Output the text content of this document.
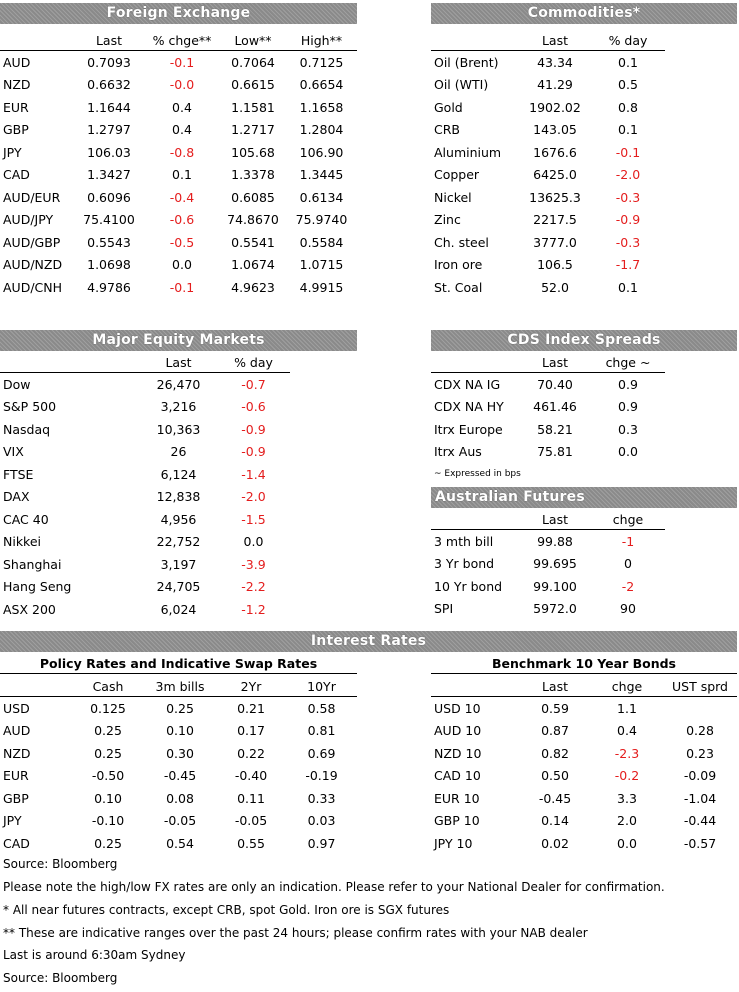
Foreign Exchange
	Last	% chge**	Low**	High**
AUD	0.7093	-0.1	0.7064	0.7125
NZD	0.6632	-0.0	0.6615	0.6654
EUR	1.1644	0.4	1.1581	1.1658
GBP	1.2797	0.4	1.2717	1.2804
JPY	106.03	-0.8	105.68	106.90
CAD	1.3427	0.1	1.3378	1.3445
AUD/EUR	0.6096	-0.4	0.6085	0.6134
AUD/JPY	75.4100	-0.6	74.8670	75.9740
AUD/GBP	0.5543	-0.5	0.5541	0.5584
AUD/NZD	1.0698	0.0	1.0674	1.0715
AUD/CNH	4.9786	-0.1	4.9623	4.9915
Commodities*
	Last	% day
Oil (Brent)	43.34	0.1
Oil (WTI)	41.29	0.5
Gold	1902.02	0.8
CRB	143.05	0.1
Aluminium	1676.6	-0.1
Copper	6425.0	-2.0
Nickel	13625.3	-0.3
Zinc	2217.5	-0.9
Ch. steel	3777.0	-0.3
Iron ore	106.5	-1.7
St. Coal	52.0	0.1
Major Equity Markets
	Last	% day
Dow	26,470	-0.7
S&P 500	3,216	-0.6
Nasdaq	10,363	-0.9
VIX	26	-0.9
FTSE	6,124	-1.4
DAX	12,838	-2.0
CAC 40	4,956	-1.5
Nikkei	22,752	0.0
Shanghai	3,197	-3.9
Hang Seng	24,705	-2.2
ASX 200	6,024	-1.2
CDS Index Spreads
	Last	chge ~
CDX NA IG	70.40	0.9
CDX NA HY	461.46	0.9
Itrx Europe	58.21	0.3
Itrx Aus	75.81	0.0
~ Expressed in bps
Australian Futures
	Last	chge
3 mth bill	99.88	-1
3 Yr bond	99.695	0
10 Yr bond	99.100	-2
SPI	5972.0	90
Interest Rates
Policy Rates and Indicative Swap Rates
	Cash	3m bills	2Yr	10Yr
USD	0.125	0.25	0.21	0.58
AUD	0.25	0.10	0.17	0.81
NZD	0.25	0.30	0.22	0.69
EUR	-0.50	-0.45	-0.40	-0.19
GBP	0.10	0.08	0.11	0.33
JPY	-0.10	-0.05	-0.05	0.03
CAD	0.25	0.54	0.55	0.97
Benchmark 10 Year Bonds
	Last	chge	UST sprd
USD 10	0.59	1.1	
AUD 10	0.87	0.4	0.28
NZD 10	0.82	-2.3	0.23
CAD 10	0.50	-0.2	-0.09
EUR 10	-0.45	3.3	-1.04
GBP 10	0.14	2.0	-0.44
JPY 10	0.02	0.0	-0.57
Source: Bloomberg
Please note the high/low FX rates are only an indication. Please refer to your National Dealer for confirmation.
* All near futures contracts, except CRB, spot Gold. Iron ore is SGX futures
** These are indicative ranges over the past 24 hours; please confirm rates with your NAB dealer
Last is around 6:30am Sydney
Source: Bloomberg
